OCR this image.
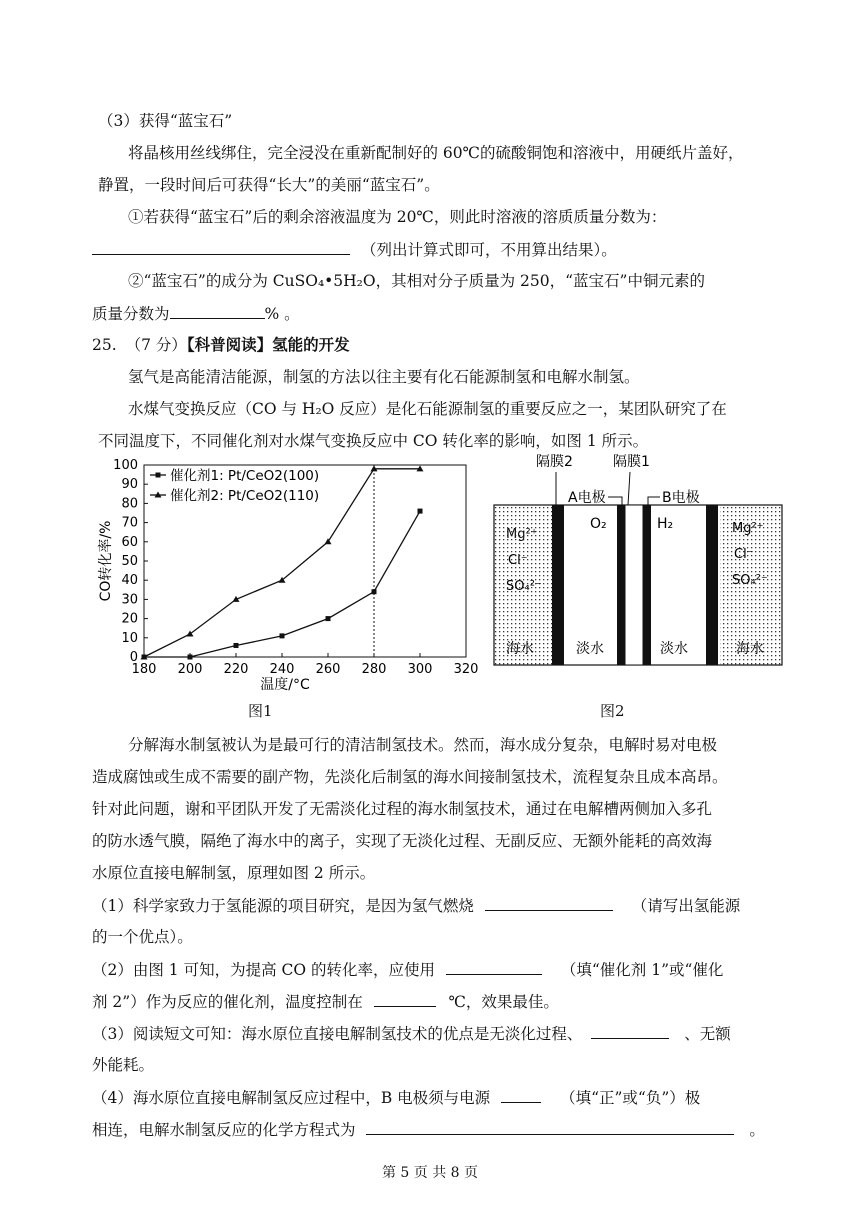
（3）获得“蓝宝石”
将晶核用丝线绑住，完全浸没在重新配制好的 60℃的硫酸铜饱和溶液中，用硬纸片盖好，
静置，一段时间后可获得“长大”的美丽“蓝宝石”。
①若获得“蓝宝石”后的剩余溶液温度为 20℃，则此时溶液的溶质质量分数为：
（列出计算式即可，不用算出结果）。
②“蓝宝石”的成分为 CuSO₄•5H₂O，其相对分子质量为 250，“蓝宝石”中铜元素的
质量分数为	% 。
25. （7 分）【科普阅读】氢能的开发
氢气是高能清洁能源，制氢的方法以往主要有化石能源制氢和电解水制氢。
水煤气变换反应（CO 与 H₂O 反应）是化石能源制氢的重要反应之一，某团队研究了在
不同温度下，不同催化剂对水煤气变换反应中 CO 转化率的影响，如图 1 所示。
180 200 220 240 260 280 300 320
0
10
20
30
40
50
60
70
80
90
100
温度/°C
CO转化率/%
催化剂1: Pt/CeO2(100)
催化剂2: Pt/CeO2(110)
图1
隔膜2	隔膜1
A电极	B电极
O₂	H₂
Mg²⁺
Cl⁻
SO₄²⁻
Mg²⁺
Cl⁻
SO₄²⁻
海水	淡水	淡水	海水
图2
分解海水制氢被认为是最可行的清洁制氢技术。然而，海水成分复杂，电解时易对电极
造成腐蚀或生成不需要的副产物，先淡化后制氢的海水间接制氢技术，流程复杂且成本高昂。
针对此问题，谢和平团队开发了无需淡化过程的海水制氢技术，通过在电解槽两侧加入多孔
的防水透气膜，隔绝了海水中的离子，实现了无淡化过程、无副反应、无额外能耗的高效海
水原位直接电解制氢，原理如图 2 所示。
（1）科学家致力于氢能源的项目研究，是因为氢气燃烧	（请写出氢能源
的一个优点）。
（2）由图 1 可知，为提高 CO 的转化率，应使用	（填“催化剂 1”或“催化
剂 2”）作为反应的催化剂，温度控制在	℃，效果最佳。
（3）阅读短文可知：海水原位直接电解制氢技术的优点是无淡化过程、	、无额
外能耗。
（4）海水原位直接电解制氢反应过程中，B 电极须与电源	（填“正”或“负”）极
相连，电解水制氢反应的化学方程式为	。
第 5 页 共 8 页
